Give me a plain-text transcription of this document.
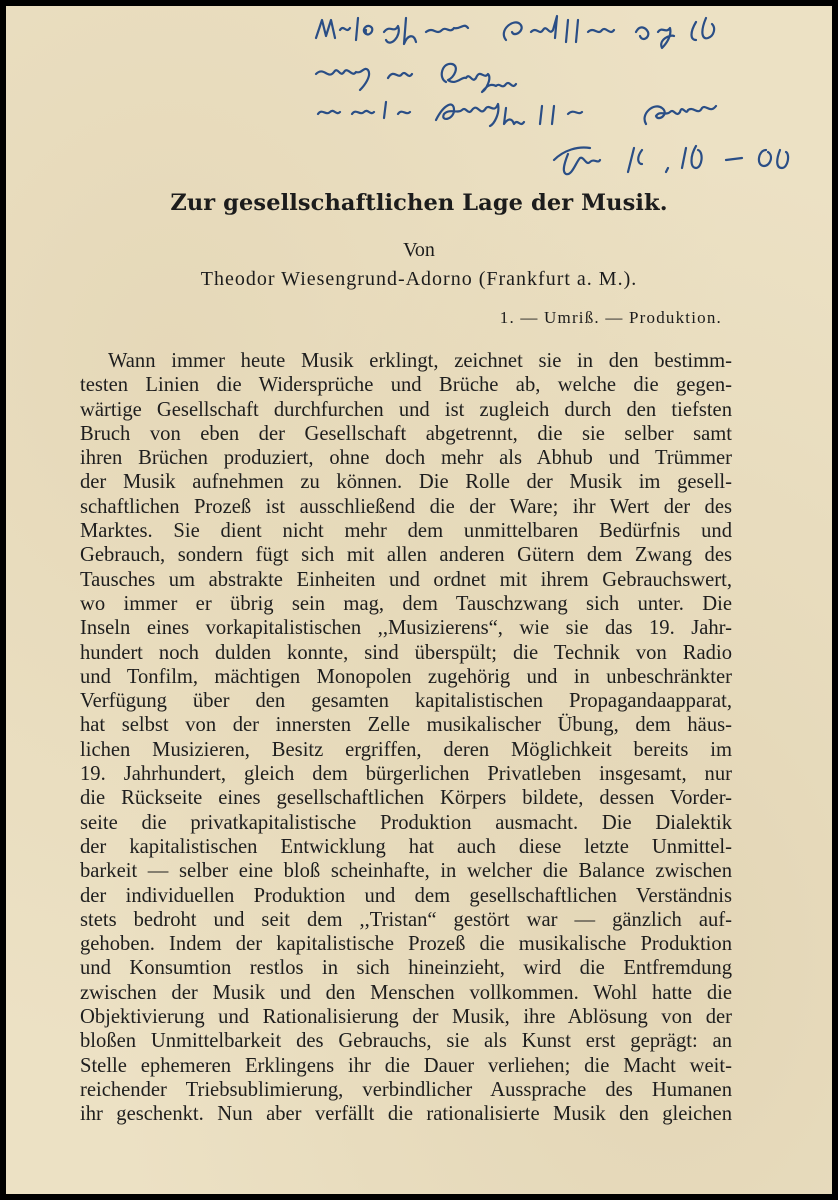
Zur gesellschaftlichen Lage der Musik.
Von
Theodor Wiesengrund-Adorno (Frankfurt a. M.).
1. — Umriß. — Produktion.
Wann immer heute Musik erklingt, zeichnet sie in den bestimm-
testen Linien die Widersprüche und Brüche ab, welche die gegen-
wärtige Gesellschaft durchfurchen und ist zugleich durch den tiefsten
Bruch von eben der Gesellschaft abgetrennt, die sie selber samt
ihren Brüchen produziert, ohne doch mehr als Abhub und Trümmer
der Musik aufnehmen zu können. Die Rolle der Musik im gesell-
schaftlichen Prozeß ist ausschließend die der Ware; ihr Wert der des
Marktes. Sie dient nicht mehr dem unmittelbaren Bedürfnis und
Gebrauch, sondern fügt sich mit allen anderen Gütern dem Zwang des
Tausches um abstrakte Einheiten und ordnet mit ihrem Gebrauchswert,
wo immer er übrig sein mag, dem Tauschzwang sich unter. Die
Inseln eines vorkapitalistischen ,,Musizierens“, wie sie das 19. Jahr-
hundert noch dulden konnte, sind überspült; die Technik von Radio
und Tonfilm, mächtigen Monopolen zugehörig und in unbeschränkter
Verfügung über den gesamten kapitalistischen Propagandaapparat,
hat selbst von der innersten Zelle musikalischer Übung, dem häus-
lichen Musizieren, Besitz ergriffen, deren Möglichkeit bereits im
19. Jahrhundert, gleich dem bürgerlichen Privatleben insgesamt, nur
die Rückseite eines gesellschaftlichen Körpers bildete, dessen Vorder-
seite die privatkapitalistische Produktion ausmacht. Die Dialektik
der kapitalistischen Entwicklung hat auch diese letzte Unmittel-
barkeit — selber eine bloß scheinhafte, in welcher die Balance zwischen
der individuellen Produktion und dem gesellschaftlichen Verständnis
stets bedroht und seit dem ,,Tristan“ gestört war — gänzlich auf-
gehoben. Indem der kapitalistische Prozeß die musikalische Produktion
und Konsumtion restlos in sich hineinzieht, wird die Entfremdung
zwischen der Musik und den Menschen vollkommen. Wohl hatte die
Objektivierung und Rationalisierung der Musik, ihre Ablösung von der
bloßen Unmittelbarkeit des Gebrauchs, sie als Kunst erst geprägt: an
Stelle ephemeren Erklingens ihr die Dauer verliehen; die Macht weit-
reichender Triebsublimierung, verbindlicher Aussprache des Humanen
ihr geschenkt. Nun aber verfällt die rationalisierte Musik den gleichen
